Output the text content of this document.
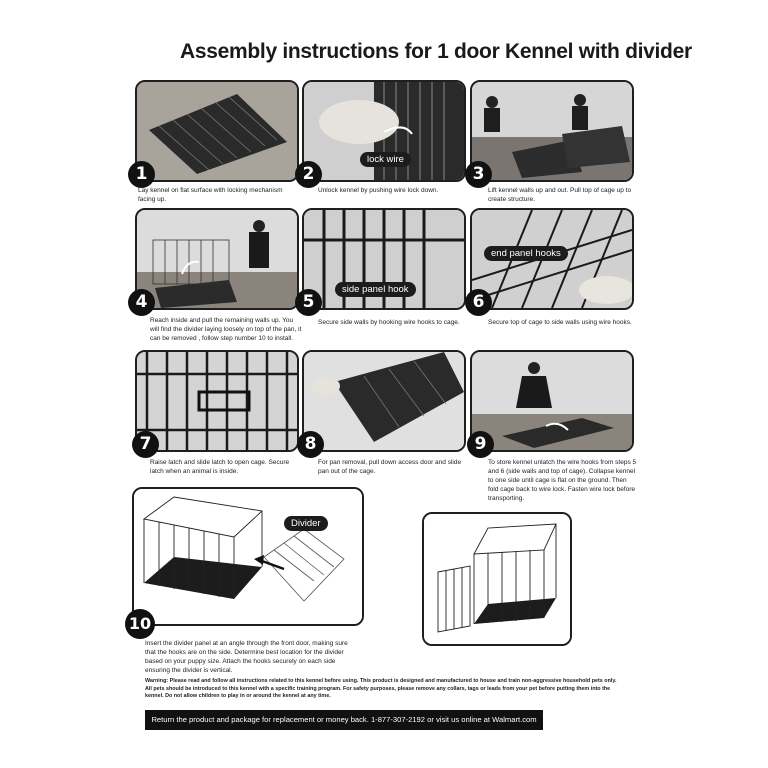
Assembly instructions for 1 door Kennel with divider
1
Lay kennel on flat surface with locking mechanism facing up.
lock wire
2
Unlock kennel by pushing wire lock down.
3
Lift kennel walls up and out. Pull top of cage up to create structure.
4
Reach inside and pull the remaining walls up. You will find the divider laying loosely on top of the pan, it can be removed , follow step number 10 to install.
side panel hook
5
Secure side walls by hooking wire hooks to cage.
end panel hooks
6
Secure top of cage to side walls using wire hooks.
7
Raise latch and slide latch to open cage. Secure latch when an animal is inside.
8
For pan removal, pull down access door and slide pan out of the cage.
9
To store kennel unlatch the wire hooks from steps 5 and 6 (side walls and top of cage). Collapse kennel to one side until cage is flat on the ground. Then fold cage back to wire lock. Fasten wire lock before transporting.
Divider
10
Insert the divider panel at an angle through the front door, making sure that the hooks are on the side. Determine best location for the divider based on your puppy size. Attach the hooks securely on each side ensuring the divider is vertical.
Warning: Please read and follow all instructions related to this kennel before using. This product is designed and manufactured to house and train non-aggressive household pets only. All pets should be introduced to this kennel with a specific training program. For safety purposes, please remove any collars, tags or leads from your pet before putting them into the kennel. Do not allow children to play in or around the kennel at any time.
Return the product and package for replacement or money back. 1-877-307-2192 or visit us online at Walmart.com
